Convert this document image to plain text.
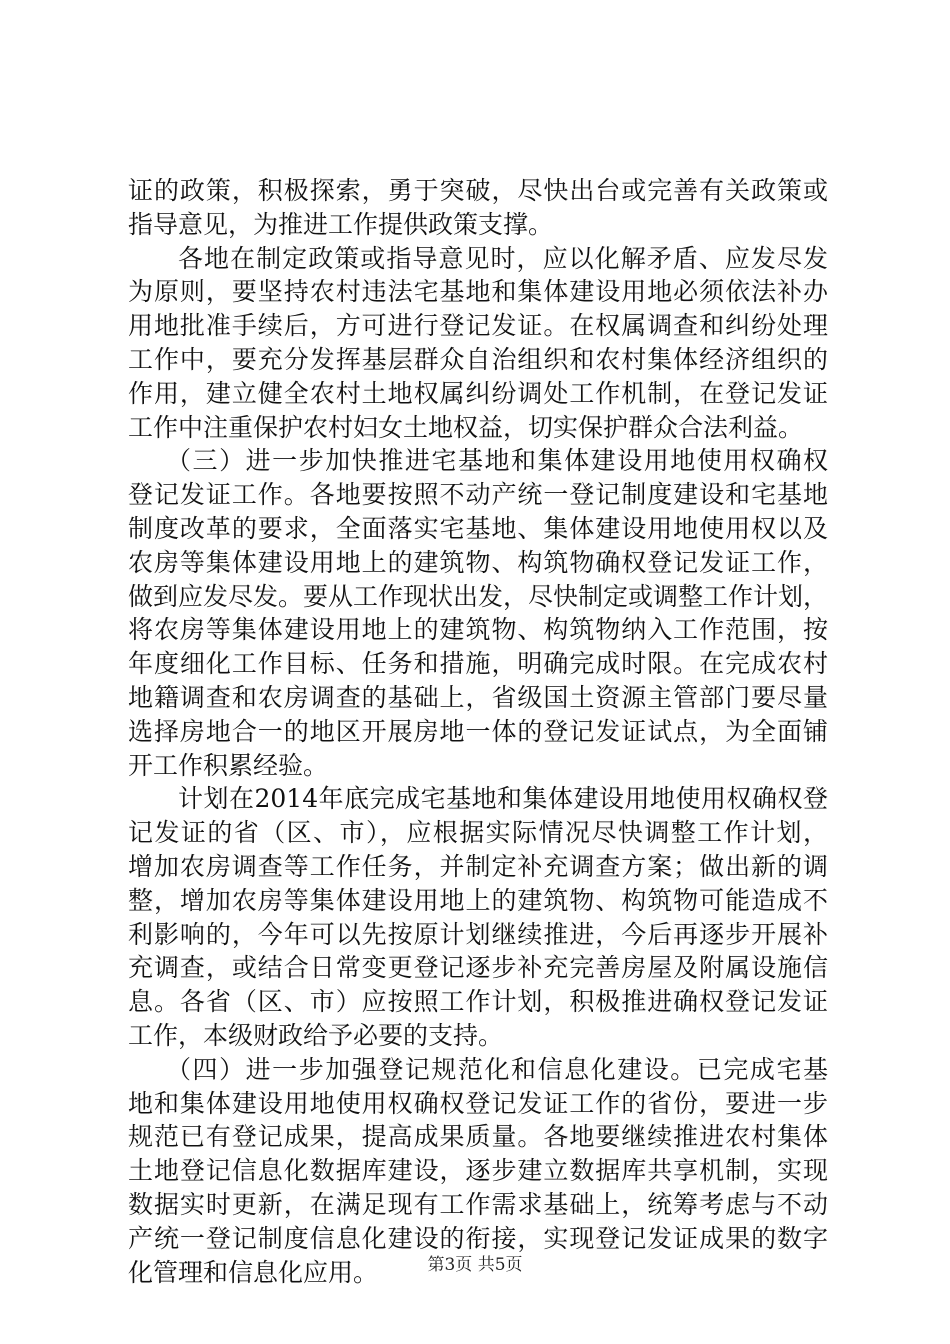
证的政策，积极探索，勇于突破，尽快出台或完善有关政策或
指导意见，为推进工作提供政策支撑。
各地在制定政策或指导意见时，应以化解矛盾、应发尽发
为原则，要坚持农村违法宅基地和集体建设用地必须依法补办
用地批准手续后，方可进行登记发证。在权属调查和纠纷处理
工作中，要充分发挥基层群众自治组织和农村集体经济组织的
作用，建立健全农村土地权属纠纷调处工作机制，在登记发证
工作中注重保护农村妇女土地权益，切实保护群众合法利益。
（三）进一步加快推进宅基地和集体建设用地使用权确权
登记发证工作。各地要按照不动产统一登记制度建设和宅基地
制度改革的要求，全面落实宅基地、集体建设用地使用权以及
农房等集体建设用地上的建筑物、构筑物确权登记发证工作，
做到应发尽发。要从工作现状出发，尽快制定或调整工作计划，
将农房等集体建设用地上的建筑物、构筑物纳入工作范围，按
年度细化工作目标、任务和措施，明确完成时限。在完成农村
地籍调查和农房调查的基础上，省级国土资源主管部门要尽量
选择房地合一的地区开展房地一体的登记发证试点，为全面铺
开工作积累经验。
计划在2014年底完成宅基地和集体建设用地使用权确权登
记发证的省（区、市），应根据实际情况尽快调整工作计划，
增加农房调查等工作任务，并制定补充调查方案；做出新的调
整，增加农房等集体建设用地上的建筑物、构筑物可能造成不
利影响的，今年可以先按原计划继续推进，今后再逐步开展补
充调查，或结合日常变更登记逐步补充完善房屋及附属设施信
息。各省（区、市）应按照工作计划，积极推进确权登记发证
工作，本级财政给予必要的支持。
（四）进一步加强登记规范化和信息化建设。已完成宅基
地和集体建设用地使用权确权登记发证工作的省份，要进一步
规范已有登记成果，提高成果质量。各地要继续推进农村集体
土地登记信息化数据库建设，逐步建立数据库共享机制，实现
数据实时更新，在满足现有工作需求基础上，统筹考虑与不动
产统一登记制度信息化建设的衔接，实现登记发证成果的数字
化管理和信息化应用。	第3页 共5页
